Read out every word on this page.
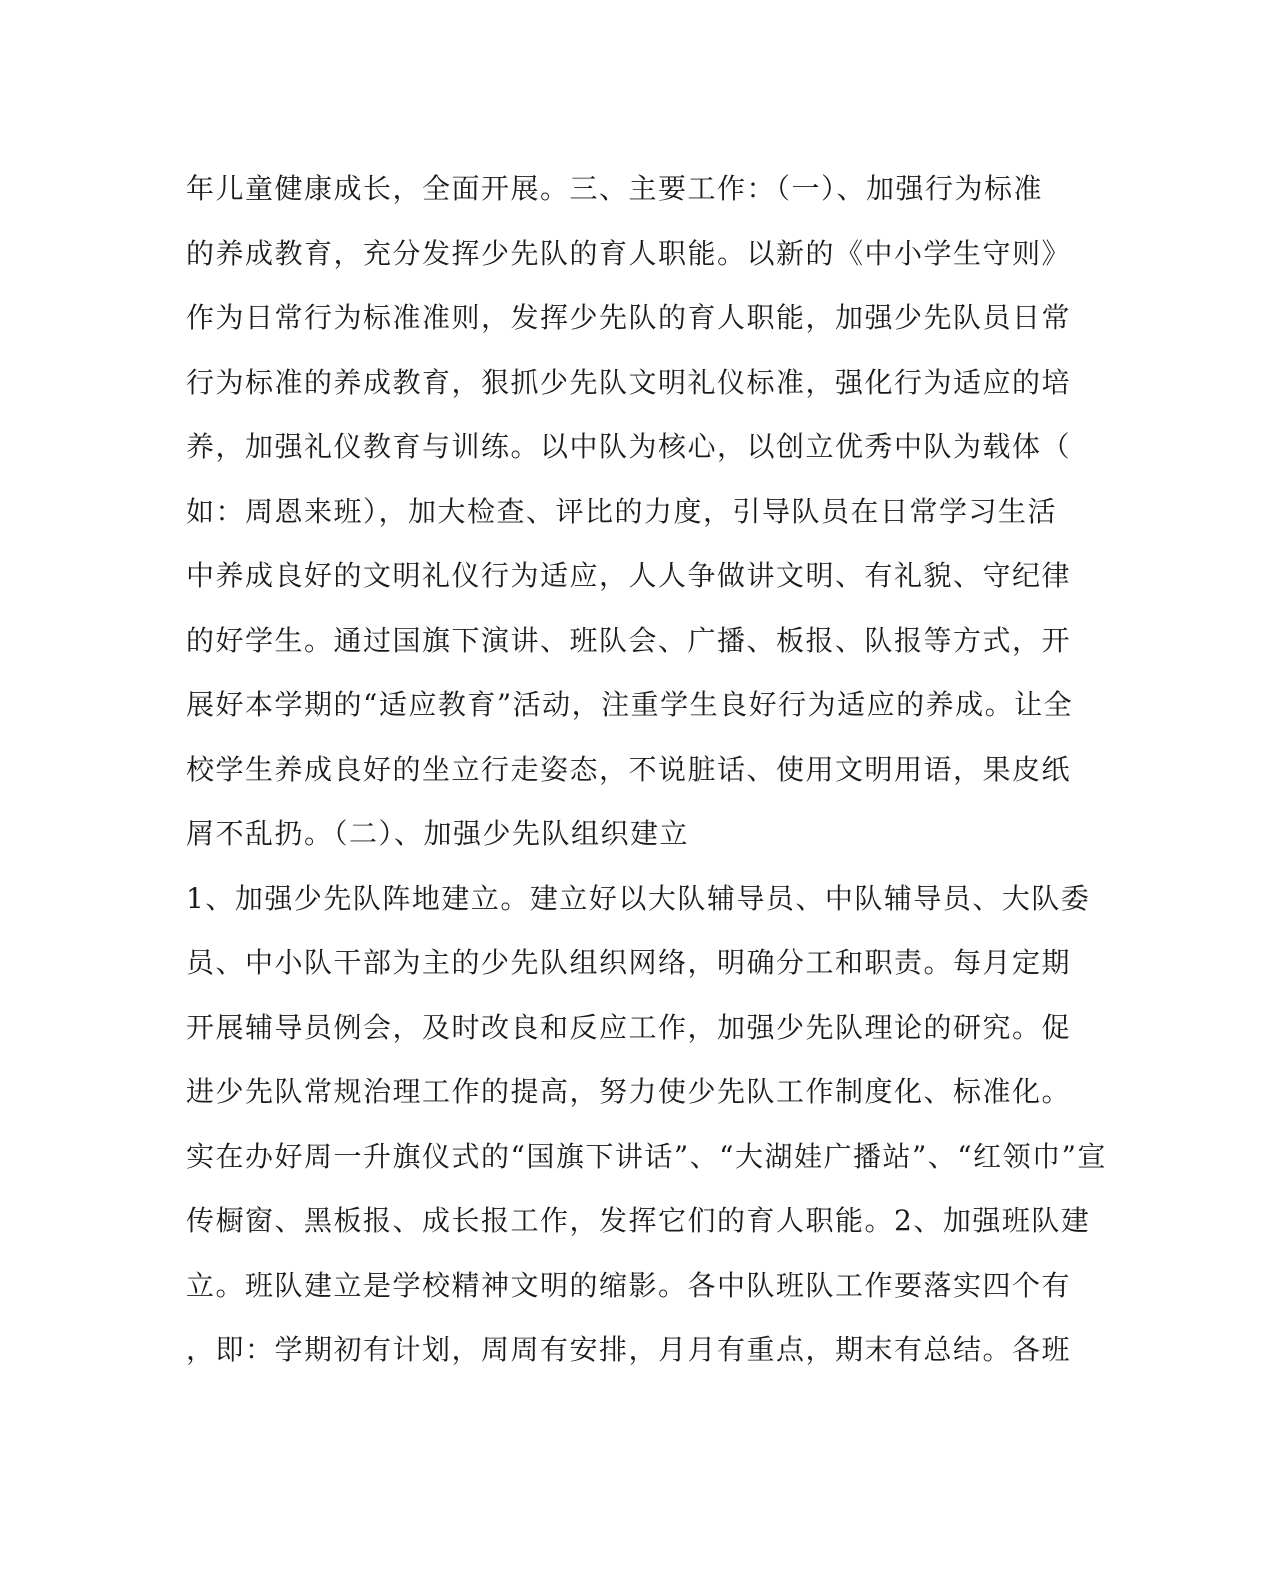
年儿童健康成长，全面开展。三、主要工作：（一）、加强行为标准
的养成教育，充分发挥少先队的育人职能。以新的《中小学生守则》
作为日常行为标准准则，发挥少先队的育人职能，加强少先队员日常
行为标准的养成教育，狠抓少先队文明礼仪标准，强化行为适应的培
养，加强礼仪教育与训练。以中队为核心，以创立优秀中队为载体（
如：周恩来班），加大检查、评比的力度，引导队员在日常学习生活
中养成良好的文明礼仪行为适应，人人争做讲文明、有礼貌、守纪律
的好学生。通过国旗下演讲、班队会、广播、板报、队报等方式，开
展好本学期的“适应教育”活动，注重学生良好行为适应的养成。让全
校学生养成良好的坐立行走姿态，不说脏话、使用文明用语，果皮纸
屑不乱扔。（二）、加强少先队组织建立
1、加强少先队阵地建立。建立好以大队辅导员、中队辅导员、大队委
员、中小队干部为主的少先队组织网络，明确分工和职责。每月定期
开展辅导员例会，及时改良和反应工作，加强少先队理论的研究。促
进少先队常规治理工作的提高，努力使少先队工作制度化、标准化。
实在办好周一升旗仪式的“国旗下讲话”、“大湖娃广播站”、“红领巾”宣
传橱窗、黑板报、成长报工作，发挥它们的育人职能。2、加强班队建
立。班队建立是学校精神文明的缩影。各中队班队工作要落实四个有
，即：学期初有计划，周周有安排，月月有重点，期末有总结。各班
